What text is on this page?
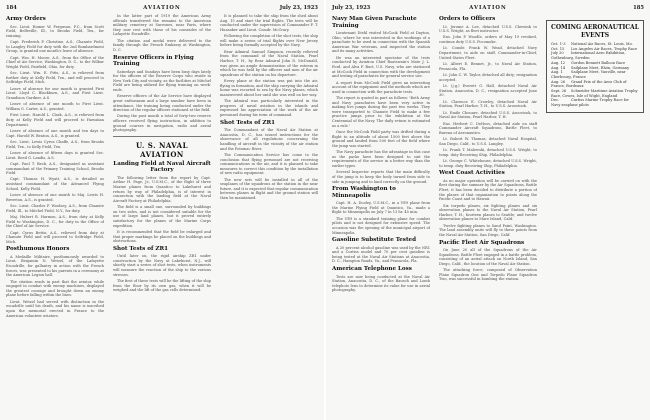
184	AVIATION	July 23, 1923
Army Orders

Sec. Lieut. Homer W. Ferguson, F.C., from Scott Field, Belleville, Ill., to Brooks Field, Tex., for training.

Capt. Frederick F. Christine, A.S., Chanute Field, to Langley Field for duty with the 2nd Bombardment Group, is granted one month's leave of absence.

Capt. Wm. H. Moore, A.S., from the Office of the Chief of Air Service, Washington, D. C., to the Wilbur Wright Field, Fairfield, Ohio, for duty.

Sec. Lieut. Wm. E. Pitts, A.S., is relieved from further duty at Kelly Field, Tex., and will proceed to Selfridge Field, Mich.

Leave of absence for one month is granted First Lieut. Lloyd C. Blackburn, A.S., and First Lieut. Grandison Gardner, A.S.

Leave of absence of one month to First Lieut. William G. Carter, A.S., granted.

First Lieut. Harold L. Clark, A.S., is relieved from duty at Kelly Field and will proceed to Hawaiian Department.

Leave of absence of one month and ten days to Capt. Harold W. Beaton, A.S., is granted.

Sec. Lieut. Lewis Cyrus Chaffe, A.S., from Brooks Field, Tex., to Kelly Field, Tex.

Leave of absence of fifteen days is granted Sec. Lieut. Reed G. Landis, A.S.

Capt. Paul T. Beck, A.S., designated as assistant commandant of the Primary Training School, Brooks Field.

Capt. Thomas H. Wyatt, A.S., is detailed as assistant commandant of the Advanced Flying School, Kelly Field.

Leave of absence of one month to Maj. Lewis H. Brereton, A.S., is granted.

Sec. Lieut. Charles F. Woolsey, A.S., from Chanute Field, Ill., to Mitchel Field, N.Y., for duty.

Maj. Hubert R. Harmon, A.S., from duty at Kelly Field to Washington, D. C., for duty in the Office of the Chief of Air Service.

Capt. Cyrus Bettis, A.S., relieved from duty at Chanute Field and will proceed to Selfridge Field, Mich.

Posthumous Honors

A Medaille Militaire, posthumously awarded to Lieut. Benjamin N. Wetzel, of the Lafayette Escadrille, for gallantry in action with the French forces, was presented to his parents in a ceremony at the American Legion hall.

The citation reads in part that the aviator, while engaged in combat with enemy machines, displayed the greatest courage and brought down an enemy plane before falling within the lines.

Lieut. Wetzel had served with distinction in the escadrille until his death, and his name is inscribed upon the memorial erected in France to the American volunteer aviators.

In the latter part of 1919 the American Army officials transferred the remains to the American military cemetery at Suresnes, near Paris, where they now rest with those of his comrades of the Lafayette Escadrille.

The citation and medal were delivered to the family through the French Embassy at Washington, D. C.

Reserve Officers in Flying Training

Saturdays and Sundays have been busy days lately for the officers of the Reserve Corps who reside in New York City and vicinity, as the facilities at Mitchel Field are being utilized for flying training on week-ends.

Reserve officers of the Air Service have displayed great enthusiasm and a large number have been in attendance, the training being conducted under the direction of the regular officers stationed at the field.

During the past month a total of forty-two reserve officers received flying instruction, in addition to ground courses in navigation, radio and aerial photography.

U. S. NAVAL AVIATION
Landing Field at Naval Aircraft Factory

The following letter from the report by Capt. Arthur H. Page, Jr., U.S.M.C., of the flight of three Marine planes from Quantico to Lakehurst and return by way of Philadelphia, is of interest in connection with the landing field at the Naval Aircraft Factory at Philadelphia.

The field is a small one, surrounded by buildings on two sides, and is not considered suitable for the use of large land planes, but it proved entirely satisfactory for the planes of the Marine Corps expedition.

It is recommended that the field be enlarged and that proper markings be placed on the buildings and obstructions.

Shot Tests of ZR1

Until later on, the rigid airship ZR1 under construction by the Navy at Lakehurst, N.J., will shortly start a series of shot tests, when instruments will measure the reaction of the ship to the various stresses.

The first of these tests will be the lifting of the ship from the floor by its own gas, when it will be weighed and the lift of the gas cells determined.

It is planned to take the ship from the shed about Aug. 15 and start the trial flights. The tests will be conducted under the supervision of Commander F. T. Hunsaker and Lieut. Comdr. McCrary.

Following the completion of the shot tests, the ship will make a series of trial flights over New Jersey before being formally accepted by the Navy.

Rear Admiral Samuel Simpson, recently relieved from the command of the Naval Station, Pearl Harbor, T. H., by Rear Admiral John D. McDonald, was given an ample demonstration of the esteem in which he was held by the officers and men of the air squadrons of the station on his departure.

Every plane at the station was put into the air, flying in formation, and the ship carrying the Admiral home was escorted to sea by the Navy planes, which maneuvered about her until she was well on her way.

The Admiral was particularly interested in the progress of naval aviation in the islands and expressed his appreciation of the work of the air personnel during his term of command.

Shot Tests of ZR1

The Commandant of the Naval Air Station at Anacostia, D. C., has issued instructions for the observance of all regulations concerning the handling of aircraft in the vicinity of the air station and the Potomac River.

The Communication Service has come to the conclusion that flying personnel are not receiving communications in the air, and it is planned to take measures to correct this condition by the installation of new radio equipment.

The new sets will be installed in all of the seaplanes of the squadrons at the station in the near future, and it is expected that regular communication between planes in flight and the ground station will then be maintained.

July 23, 1923	AVIATION	185
Navy Man Given Parachute Training

Lieutenant Diehl visited McCook Field at Dayton, Ohio, where he was interested in the workings of a parachute to be used in connection with the Spanish American War veterans, and inspected the station and its many activities.

He was an interested spectator of the tests conducted by Aviation Chief Boatswain's Mate J. L. Ford, and Alva F. Burt, U.S. Navy, who are stationed at McCook Field in connection with the development and testing of parachutes for general service use.

A report from McCook Field gives an interesting account of the equipment and the methods which are used in connection with the parachute tests.

The report is quoted in part as follows: 'Both Army and Navy parachutes have been very active in making live jumps during the past two weeks. They were transported to Chanute Field to make a few practice jumps prior to the exhibition at the Centennial of the Navy. The daily return is estimated as a rule.'

Once the McCook Field party was drifted during a flight to an altitude of about 1500 feet above the ground and landed from 500 feet of the field where the jump was started.

The Navy parachute has the advantage in this case as the packs have been designed to suit the requirements of the service in a better way than the earlier types.

Several Inspector reports that the main difficulty of the jump is to keep the body turned from side to side in jumping and to land correctly on the ground.

From Washington to Minneapolis

Capt. H. A. Dooley, U.S.M.C., in a VE9 plane from the Marine Flying Field at Quantico, Va., made a flight to Minneapolis on July 7 in 13 hr. 45 min.

The VE9 is a standard training plane for combat pilots and is not designed for extensive speed. The occasion was the opening of the municipal airport of Minneapolis.

Gasoline Substitute Tested

A 20 percent alcohol gasoline was used by the NR1 and a Curtiss model and 70 per cent gasoline is being tested at the Naval Air Stations at Anacostia, D. C., Hampton Roads, Va., and Pensacola, Fla.

American Telephone Loss

Tests are now being conducted at the Naval Air Station, Anacostia, D. C., of the Bausch and Lomb telephoto lens to determine its value for use in aerial photography.

Orders to Officers

Lt. Jerome A. Lee, detached U.S.S. Chewink to U.S.S. Wright, as fleet instructor.

Ens. John P. Woodle, orders of May 19 revoked, continue duty U.S.S. Pocomoke.

Lt. Comdr. Frank W. Wead, detached Navy Department, to aide on staff, Commander-in-Chief, United States Fleet.

Lt. Albert E. Bennet, Jr., to Naval Air Station, Pensacola, Fla.

Lt. John C. W. Taylor, detached all duty; resignation accepted.

Lt. (j.g.) Everett G. Hall, detached Naval Air Station, Anacostia, D. C., resignation accepted June 30.

Lt. Clarence E. Crowley, detached Naval Air Station, Pearl Harbor, T. H., to U.S.S. Aroostook.

Lt. Emile Chouare, detached U.S.S. Aroostook, to Naval Air Station, Pearl Harbor, T. H.

Ens. Herbert C. DeHoss, detached aide on staff Commander Aircraft Squadrons, Battle Fleet, to Bureau of Aeronautics.

Lt. Robert W. Thomas, detached Naval Hospital, San Diego, Calif., to U.S.S. Langley.

Lt. Frank T. Malewski, detached U.S.S. Wright, to temp. duty Receiving Ship, Philadelphia.

Lt. George C. Whitehouse, detached U.S.S. Wright, to temp. duty Receiving Ship, Philadelphia.

West Coast Activities

As no major operation will be carried on with the fleet during the summer by the Air Squadrons, Battle Fleet, it has been decided to distribute a portion of the planes of that organization to points along the Pacific Coast and to Hawaii.

Six torpedo planes, six fighting planes and six observation planes to the Naval Air Station, Pearl Harbor, T. H.; fourteen planes to Seattle; and twelve observation planes to Mare Island, Calif.

Twelve fighting planes to Sand Point, Washington. The land assembly units will fly to these points from the Naval Air Station, San Diego, Calif.

Pacific Fleet Air Squadrons

On June 20 all of the Squadrons of the Air Squadrons, Battle Fleet engaged in a battle problem, consisting of an aerial attack on North Island, San Diego, Calif., the location of the Naval Air Station.

The attacking force, composed of Observation Plane Squadron One and Torpedo Plane Squadron Two, was successful in bombing the station.

COMING AERONAUTICAL EVENTS
Oct. 1-3 National Air Races, St. Louis, Mo.
Oct. 15 Los Angeles Air Races, Trophy Race
July 20 International Aero Exhibition, Gothenburg, Sweden
Aug. 12 Gordon Bennett Balloon Race
Aug. 14 Sailplane Meet, Rhön, Germany
Aug. 1 Sailplane Meet, Vauville, near Cherbourg, France
Aug. 26 Grand Prix of the Aero Club of France, Bordeaux
Sept. 26 Schneider Maritime Aviation Trophy Race, Cowes, Isle of Wight, England
Dec.	Curtiss Marine Trophy Race for Navy seaplane pilots
